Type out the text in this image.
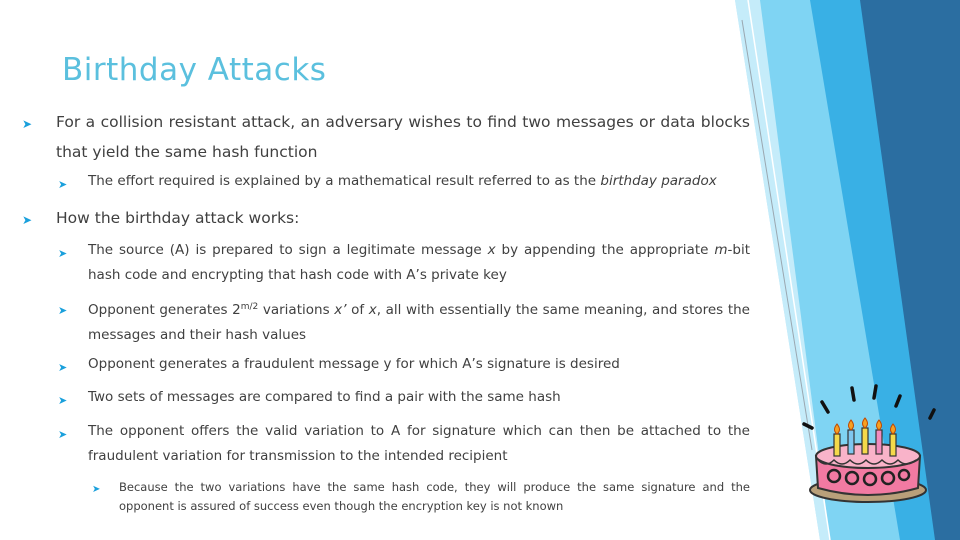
Birthday Attacks
➤	For a collision resistant attack, an adversary wishes to find two messages or data blocks that yield the same hash function
➤	The effort required is explained by a mathematical result referred to as the birthday paradox
➤	How the birthday attack works:
➤	The source (A) is prepared to sign a legitimate message x by appending the appropriate m-bit hash code and encrypting that hash code with A’s private key
➤	Opponent generates $2^{m/2}$ variations x’ of x, all with essentially the same meaning, and stores the messages and their hash values
➤	Opponent generates a fraudulent message y for which A’s signature is desired
➤	Two sets of messages are compared to find a pair with the same hash
➤	The opponent offers the valid variation to A for signature which can then be attached to the fraudulent variation for transmission to the intended recipient
➤	Because the two variations have the same hash code, they will produce the same signature and the opponent is assured of success even though the encryption key is not known
